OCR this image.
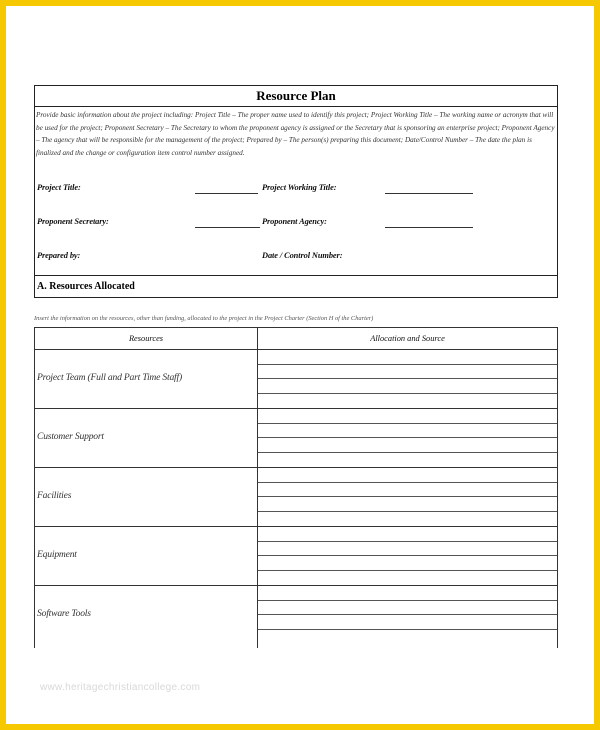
Resource Plan
Provide basic information about the project including: Project Title – The proper name used to identify this project; Project Working Title – The working name or acronym that will be used for the project; Proponent Secretary – The Secretary to whom the proponent agency is assigned or the Secretary that is sponsoring an enterprise project; Proponent Agency – The agency that will be responsible for the management of the project; Prepared by – The person(s) preparing this document; Date/Control Number – The date the plan is finalized and the change or configuration item control number assigned.
Project Title:	Project Working Title:
Proponent Secretary:	Proponent Agency:
Prepared by:	Date / Control Number:
A. Resources Allocated
Insert the information on the resources, other than funding, allocated to the project in the Project Charter (Section H of the Charter)
Resources	Allocation and Source
Project Team (Full and Part Time Staff)
Customer Support
Facilities
Equipment
Software Tools
www.heritagechristiancollege.com
